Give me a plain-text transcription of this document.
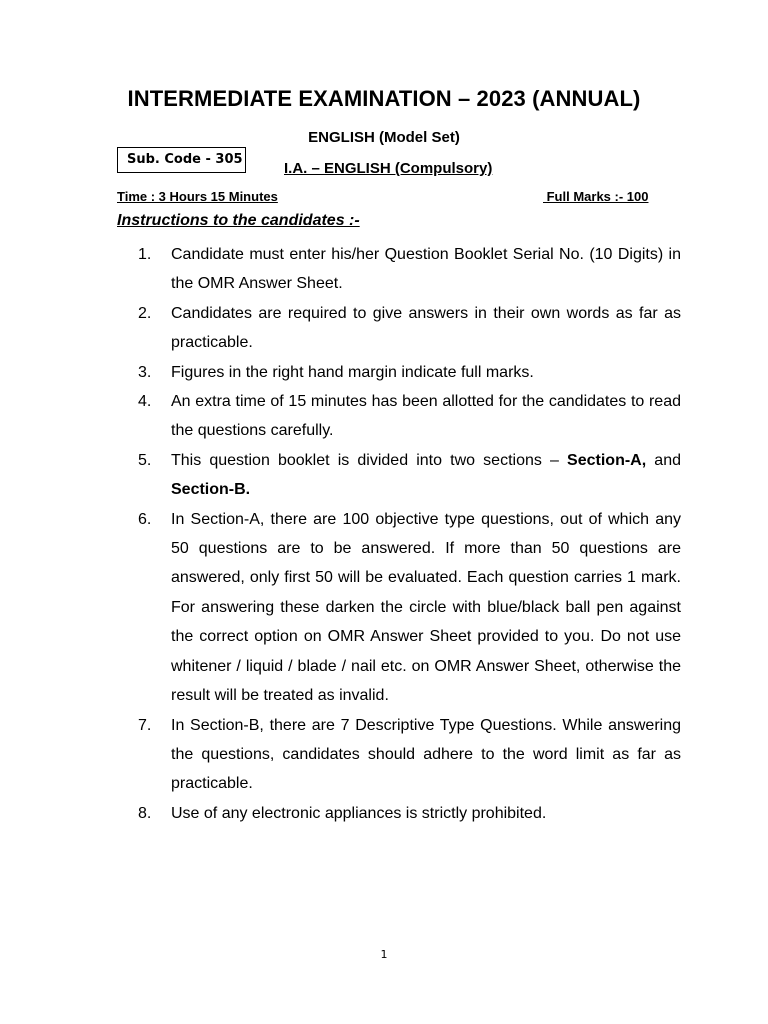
INTERMEDIATE EXAMINATION – 2023 (ANNUAL)
ENGLISH (Model Set)
Sub. Code - 305
I.A. – ENGLISH (Compulsory)
Time : 3 Hours 15 Minutes	Full Marks :- 100
Instructions to the candidates :-
1.	Candidate must enter his/her Question Booklet Serial No. (10 Digits) in the OMR Answer Sheet.
2.	Candidates are required to give answers in their own words as far as practicable.
3.	Figures in the right hand margin indicate full marks.
4.	An extra time of 15 minutes has been allotted for the candidates to read the questions carefully.
5.	This question booklet is divided into two sections – Section-A, and Section-B.
6.	In Section-A, there are 100 objective type questions, out of which any 50 questions are to be answered. If more than 50 questions are answered, only first 50 will be evaluated. Each question carries 1 mark. For answering these darken the circle with blue/black ball pen against the correct option on OMR Answer Sheet provided to you. Do not use whitener / liquid / blade / nail etc. on OMR Answer Sheet, otherwise the result will be treated as invalid.
7.	In Section-B, there are 7 Descriptive Type Questions. While answering the questions, candidates should adhere to the word limit as far as practicable.
8.	Use of any electronic appliances is strictly prohibited.
1
